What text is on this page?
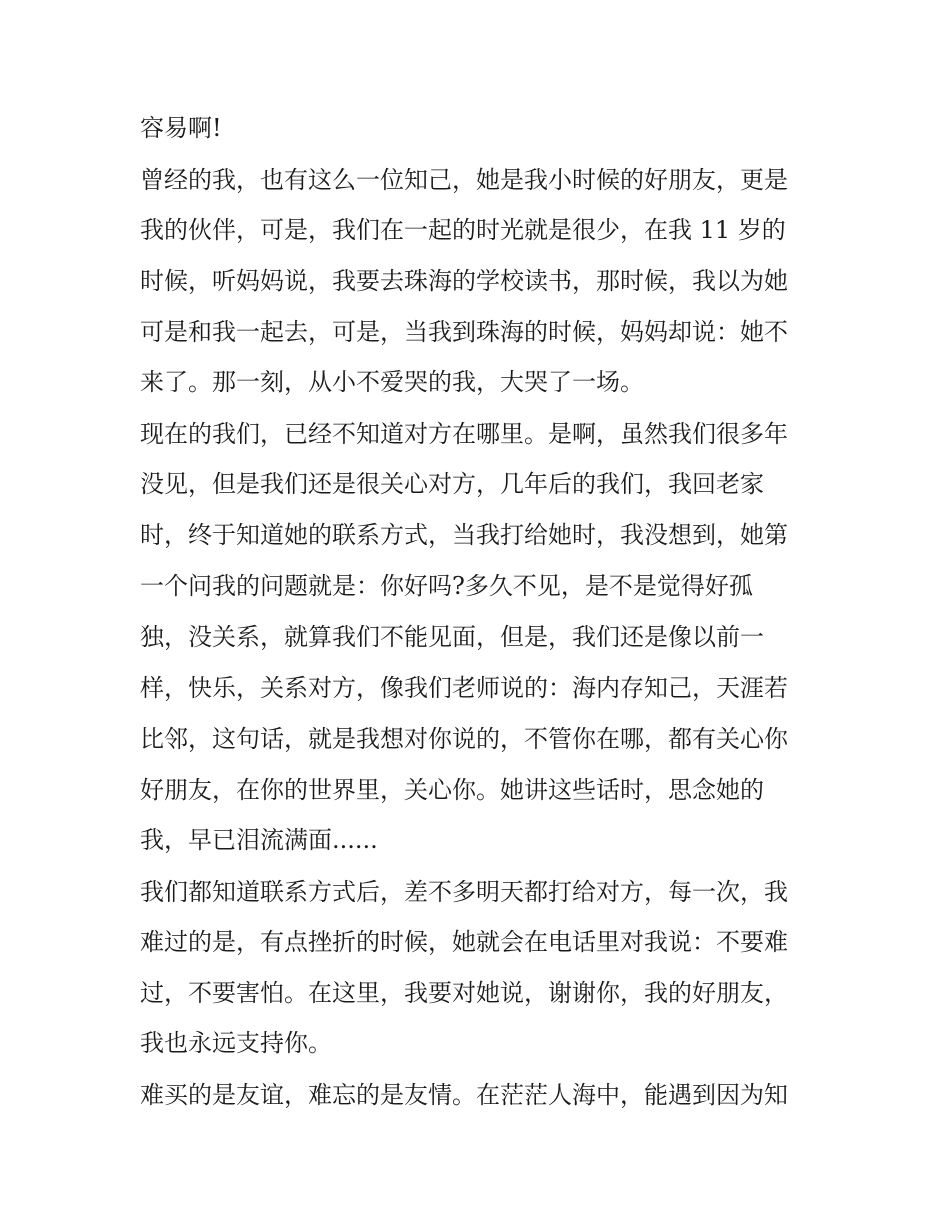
容易啊!
曾经的我，也有这么一位知己，她是我小时候的好朋友，更是
我的伙伴，可是，我们在一起的时光就是很少，在我 11 岁的
时候，听妈妈说，我要去珠海的学校读书，那时候，我以为她
可是和我一起去，可是，当我到珠海的时候，妈妈却说：她不
来了。那一刻，从小不爱哭的我，大哭了一场。
现在的我们，已经不知道对方在哪里。是啊，虽然我们很多年
没见，但是我们还是很关心对方，几年后的我们，我回老家
时，终于知道她的联系方式，当我打给她时，我没想到，她第
一个问我的问题就是：你好吗?多久不见，是不是觉得好孤
独，没关系，就算我们不能见面，但是，我们还是像以前一
样，快乐，关系对方，像我们老师说的：海内存知己，天涯若
比邻，这句话，就是我想对你说的，不管你在哪，都有关心你
好朋友，在你的世界里，关心你。她讲这些话时，思念她的
我，早已泪流满面......
我们都知道联系方式后，差不多明天都打给对方，每一次，我
难过的是，有点挫折的时候，她就会在电话里对我说：不要难
过，不要害怕。在这里，我要对她说，谢谢你，我的好朋友，
我也永远支持你。
难买的是友谊，难忘的是友情。在茫茫人海中，能遇到因为知
